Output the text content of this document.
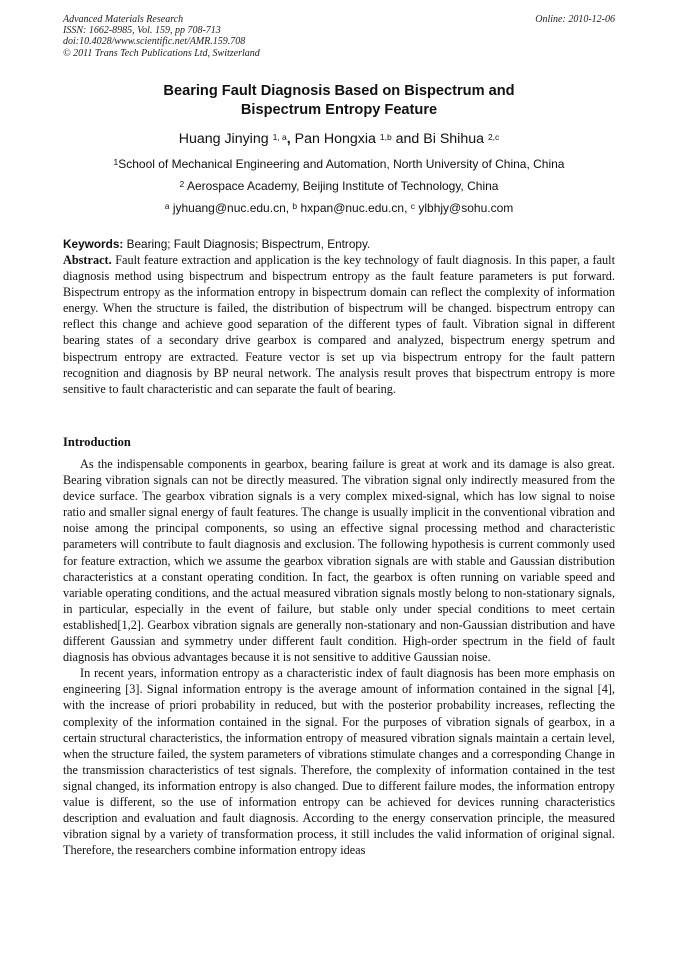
Advanced Materials Research
ISSN: 1662-8985, Vol. 159, pp 708-713
doi:10.4028/www.scientific.net/AMR.159.708
© 2011 Trans Tech Publications Ltd, Switzerland
Online: 2010-12-06
Bearing Fault Diagnosis Based on Bispectrum and
Bispectrum Entropy Feature
Huang Jinying $^{1, a}$, Pan Hongxia $^{1,b}$ and Bi Shihua $^{2,c}$
$^1$School of Mechanical Engineering and Automation, North University of China, China
$^2$ Aerospace Academy, Beijing Institute of Technology, China
$^a$ jyhuang@nuc.edu.cn, $^b$ hxpan@nuc.edu.cn, $^c$ ylbhjy@sohu.com
Keywords: Bearing; Fault Diagnosis; Bispectrum, Entropy.

Abstract. Fault feature extraction and application is the key technology of fault diagnosis. In this paper, a fault diagnosis method using bispectrum and bispectrum entropy as the fault feature parameters is put forward. Bispectrum entropy as the information entropy in bispectrum domain can reflect the complexity of information energy. When the structure is failed, the distribution of bispectrum will be changed. bispectrum entropy can reflect this change and achieve good separation of the different types of fault. Vibration signal in different bearing states of a secondary drive gearbox is compared and analyzed, bispectrum energy spetrum and bispectrum entropy are extracted. Feature vector is set up via bispectrum entropy for the fault pattern recognition and diagnosis by BP neural network. The analysis result proves that bispectrum entropy is more sensitive to fault characteristic and can separate the fault of bearing.

Introduction

As the indispensable components in gearbox, bearing failure is great at work and its damage is also great. Bearing vibration signals can not be directly measured. The vibration signal only indirectly measured from the device surface. The gearbox vibration signals is a very complex mixed-signal, which has low signal to noise ratio and smaller signal energy of fault features. The change is usually implicit in the conventional vibration and noise among the principal components, so using an effective signal processing method and characteristic parameters will contribute to fault diagnosis and exclusion. The following hypothesis is current commonly used for feature extraction, which we assume the gearbox vibration signals are with stable and Gaussian distribution characteristics at a constant operating condition. In fact, the gearbox is often running on variable speed and variable operating conditions, and the actual measured vibration signals mostly belong to non-stationary signals, in particular, especially in the event of failure, but stable only under special conditions to meet certain established[1,2]. Gearbox vibration signals are generally non-stationary and non-Gaussian distribution and have different Gaussian and symmetry under different fault condition. High-order spectrum in the field of fault diagnosis has obvious advantages because it is not sensitive to additive Gaussian noise.

In recent years, information entropy as a characteristic index of fault diagnosis has been more emphasis on engineering [3]. Signal information entropy is the average amount of information contained in the signal [4], with the increase of priori probability in reduced, but with the posterior probability increases, reflecting the complexity of the information contained in the signal. For the purposes of vibration signals of gearbox, in a certain structural characteristics, the information entropy of measured vibration signals maintain a certain level, when the structure failed, the system parameters of vibrations stimulate changes and a corresponding Change in the transmission characteristics of test signals. Therefore, the complexity of information contained in the test signal changed, its information entropy is also changed. Due to different failure modes, the information entropy value is different, so the use of information entropy can be achieved for devices running characteristics description and evaluation and fault diagnosis. According to the energy conservation principle, the measured vibration signal by a variety of transformation process, it still includes the valid information of original signal. Therefore, the researchers combine information entropy ideas
